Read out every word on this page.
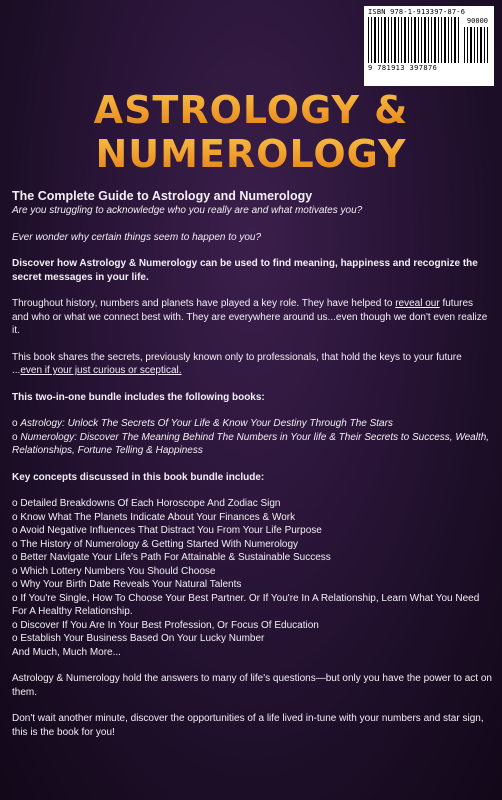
ISBN 978-1-913397-87-6
90000
9 781913 397876
ASTROLOGY &
NUMEROLOGY

The Complete Guide to Astrology and Numerology

Are you struggling to acknowledge who you really are and what motivates you?

Ever wonder why certain things seem to happen to you?

Discover how Astrology & Numerology can be used to find meaning, happiness and recognize the secret messages in your life.

Throughout history, numbers and planets have played a key role. They have helped to reveal our futures and who or what we connect best with. They are everywhere around us...even though we don't even realize it.

This book shares the secrets, previously known only to professionals, that hold the keys to your future ...even if your just curious or sceptical.

This two-in-one bundle includes the following books:

o Astrology: Unlock The Secrets Of Your Life & Know Your Destiny Through The Stars

o Numerology: Discover The Meaning Behind The Numbers in Your life & Their Secrets to Success, Wealth, Relationships, Fortune Telling & Happiness

Key concepts discussed in this book bundle include:

o Detailed Breakdowns Of Each Horoscope And Zodiac Sign

o Know What The Planets Indicate About Your Finances & Work

o Avoid Negative Influences That Distract You From Your Life Purpose

o The History of Numerology & Getting Started With Numerology

o Better Navigate Your Life's Path For Attainable & Sustainable Success

o Which Lottery Numbers You Should Choose

o Why Your Birth Date Reveals Your Natural Talents

o If You're Single, How To Choose Your Best Partner. Or If You're In A Relationship, Learn What You Need For A Healthy Relationship.

o Discover If You Are In Your Best Profession, Or Focus Of Education

o Establish Your Business Based On Your Lucky Number

And Much, Much More...

Astrology & Numerology hold the answers to many of life's questions—but only you have the power to act on them.

Don't wait another minute, discover the opportunities of a life lived in-tune with your numbers and star sign, this is the book for you!
